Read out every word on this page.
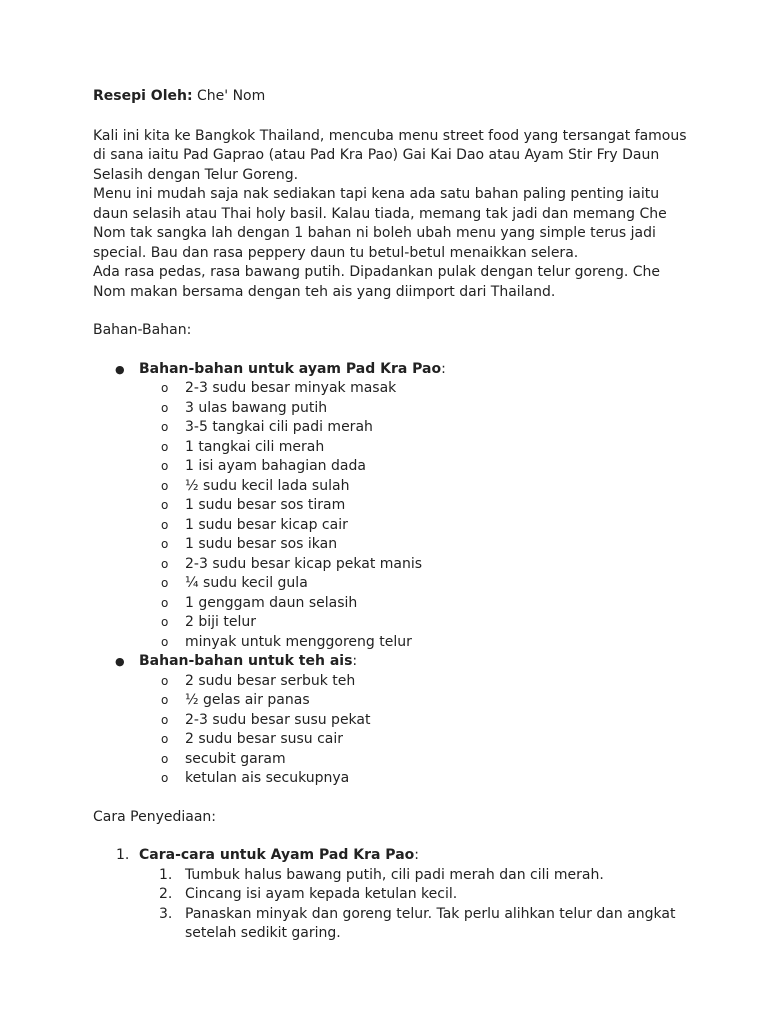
Resepi Oleh: Che' Nom

Kali ini kita ke Bangkok Thailand, mencuba menu street food yang tersangat famous di sana iaitu Pad Gaprao (atau Pad Kra Pao) Gai Kai Dao atau Ayam Stir Fry Daun Selasih dengan Telur Goreng.

Menu ini mudah saja nak sediakan tapi kena ada satu bahan paling penting iaitu daun selasih atau Thai holy basil. Kalau tiada, memang tak jadi dan memang Che Nom tak sangka lah dengan 1 bahan ni boleh ubah menu yang simple terus jadi special. Bau dan rasa peppery daun tu betul-betul menaikkan selera.

Ada rasa pedas, rasa bawang putih. Dipadankan pulak dengan telur goreng. Che Nom makan bersama dengan teh ais yang diimport dari Thailand.

Bahan-Bahan:

● Bahan-bahan untuk ayam Pad Kra Pao:
o 2-3 sudu besar minyak masak
o 3 ulas bawang putih
o 3-5 tangkai cili padi merah
o 1 tangkai cili merah
o 1 isi ayam bahagian dada
o ½ sudu kecil lada sulah
o 1 sudu besar sos tiram
o 1 sudu besar kicap cair
o 1 sudu besar sos ikan
o 2-3 sudu besar kicap pekat manis
o ¼ sudu kecil gula
o 1 genggam daun selasih
o 2 biji telur
o minyak untuk menggoreng telur
● Bahan-bahan untuk teh ais:
o 2 sudu besar serbuk teh
o ½ gelas air panas
o 2-3 sudu besar susu pekat
o 2 sudu besar susu cair
o secubit garam
o ketulan ais secukupnya

Cara Penyediaan:

1. Cara-cara untuk Ayam Pad Kra Pao:
1. Tumbuk halus bawang putih, cili padi merah dan cili merah.
2. Cincang isi ayam kepada ketulan kecil.
3. Panaskan minyak dan goreng telur. Tak perlu alihkan telur dan angkat setelah sedikit garing.
